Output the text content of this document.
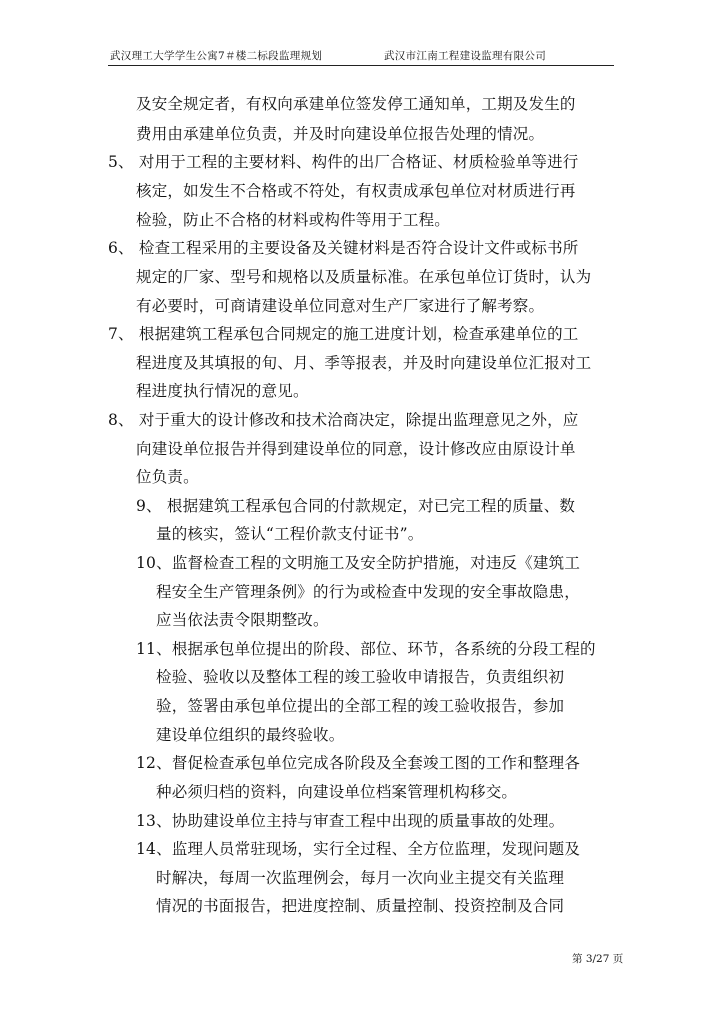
武汉理工大学学生公寓7＃楼二标段监理规划	武汉市江南工程建设监理有限公司
及安全规定者，有权向承建单位签发停工通知单，工期及发生的
费用由承建单位负责，并及时向建设单位报告处理的情况。
5、 对用于工程的主要材料、构件的出厂合格证、材质检验单等进行
核定，如发生不合格或不符处，有权责成承包单位对材质进行再
检验，防止不合格的材料或构件等用于工程。
6、 检查工程采用的主要设备及关键材料是否符合设计文件或标书所
规定的厂家、型号和规格以及质量标准。在承包单位订货时，认为
有必要时，可商请建设单位同意对生产厂家进行了解考察。
7、 根据建筑工程承包合同规定的施工进度计划，检查承建单位的工
程进度及其填报的旬、月、季等报表，并及时向建设单位汇报对工
程进度执行情况的意见。
8、 对于重大的设计修改和技术洽商决定，除提出监理意见之外，应
向建设单位报告并得到建设单位的同意，设计修改应由原设计单
位负责。
9、 根据建筑工程承包合同的付款规定，对已完工程的质量、数
量的核实，签认“工程价款支付证书”。
10、监督检查工程的文明施工及安全防护措施，对违反《建筑工
程安全生产管理条例》的行为或检查中发现的安全事故隐患，
应当依法责令限期整改。
11、根据承包单位提出的阶段、部位、环节，各系统的分段工程的
检验、验收以及整体工程的竣工验收申请报告，负责组织初
验，签署由承包单位提出的全部工程的竣工验收报告，参加
建设单位组织的最终验收。
12、督促检查承包单位完成各阶段及全套竣工图的工作和整理各
种必须归档的资料，向建设单位档案管理机构移交。
13、协助建设单位主持与审查工程中出现的质量事故的处理。
14、监理人员常驻现场，实行全过程、全方位监理，发现问题及
时解决，每周一次监理例会，每月一次向业主提交有关监理
情况的书面报告，把进度控制、质量控制、投资控制及合同
第 3/27 页
